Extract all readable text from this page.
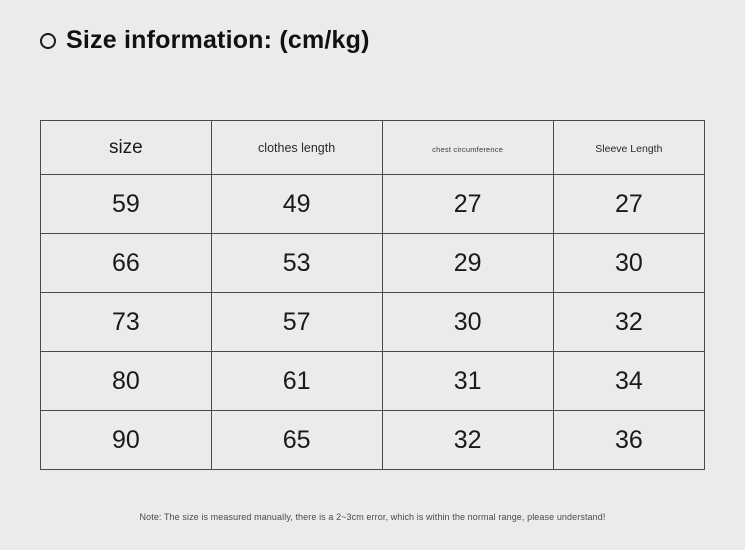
Size information: (cm/kg)
size	clothes length	chest circumference	Sleeve Length
59	49	27	27
66	53	29	30
73	57	30	32
80	61	31	34
90	65	32	36
Note: The size is measured manually, there is a 2~3cm error, which is within the normal range, please understand!
